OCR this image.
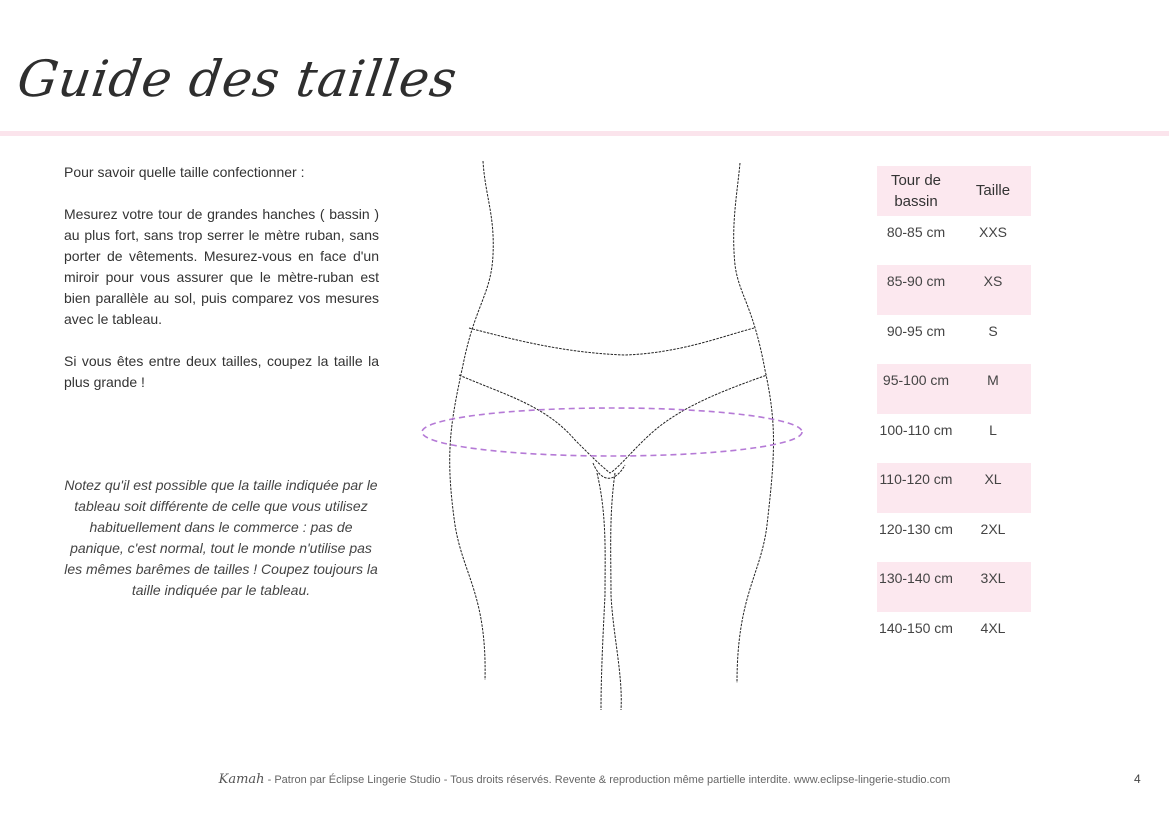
Guide des tailles

Pour savoir quelle taille confectionner :

Mesurez votre tour de grandes hanches ( bassin ) au plus fort, sans trop serrer le mètre ruban, sans porter de vêtements. Mesurez-vous en face d'un miroir pour vous assurer que le mètre-ruban est bien parallèle au sol, puis comparez vos mesures avec le tableau.

Si vous êtes entre deux tailles, coupez la taille la plus grande !

Notez qu'il est possible que la taille indiquée par le tableau soit différente de celle que vous utilisez habituellement dans le commerce : pas de panique, c'est normal, tout le monde n'utilise pas les mêmes barêmes de tailles ! Coupez toujours la taille indiquée par le tableau.

Tour de bassin	Taille
80-85 cm	XXS
85-90 cm	XS
90-95 cm	S
95-100 cm	M
100-110 cm	L
110-120 cm	XL
120-130 cm	2XL
130-140 cm	3XL
140-150 cm	4XL
Kamah - Patron par Éclipse Lingerie Studio - Tous droits réservés. Revente & reproduction même partielle interdite. www.eclipse-lingerie-studio.com	4
